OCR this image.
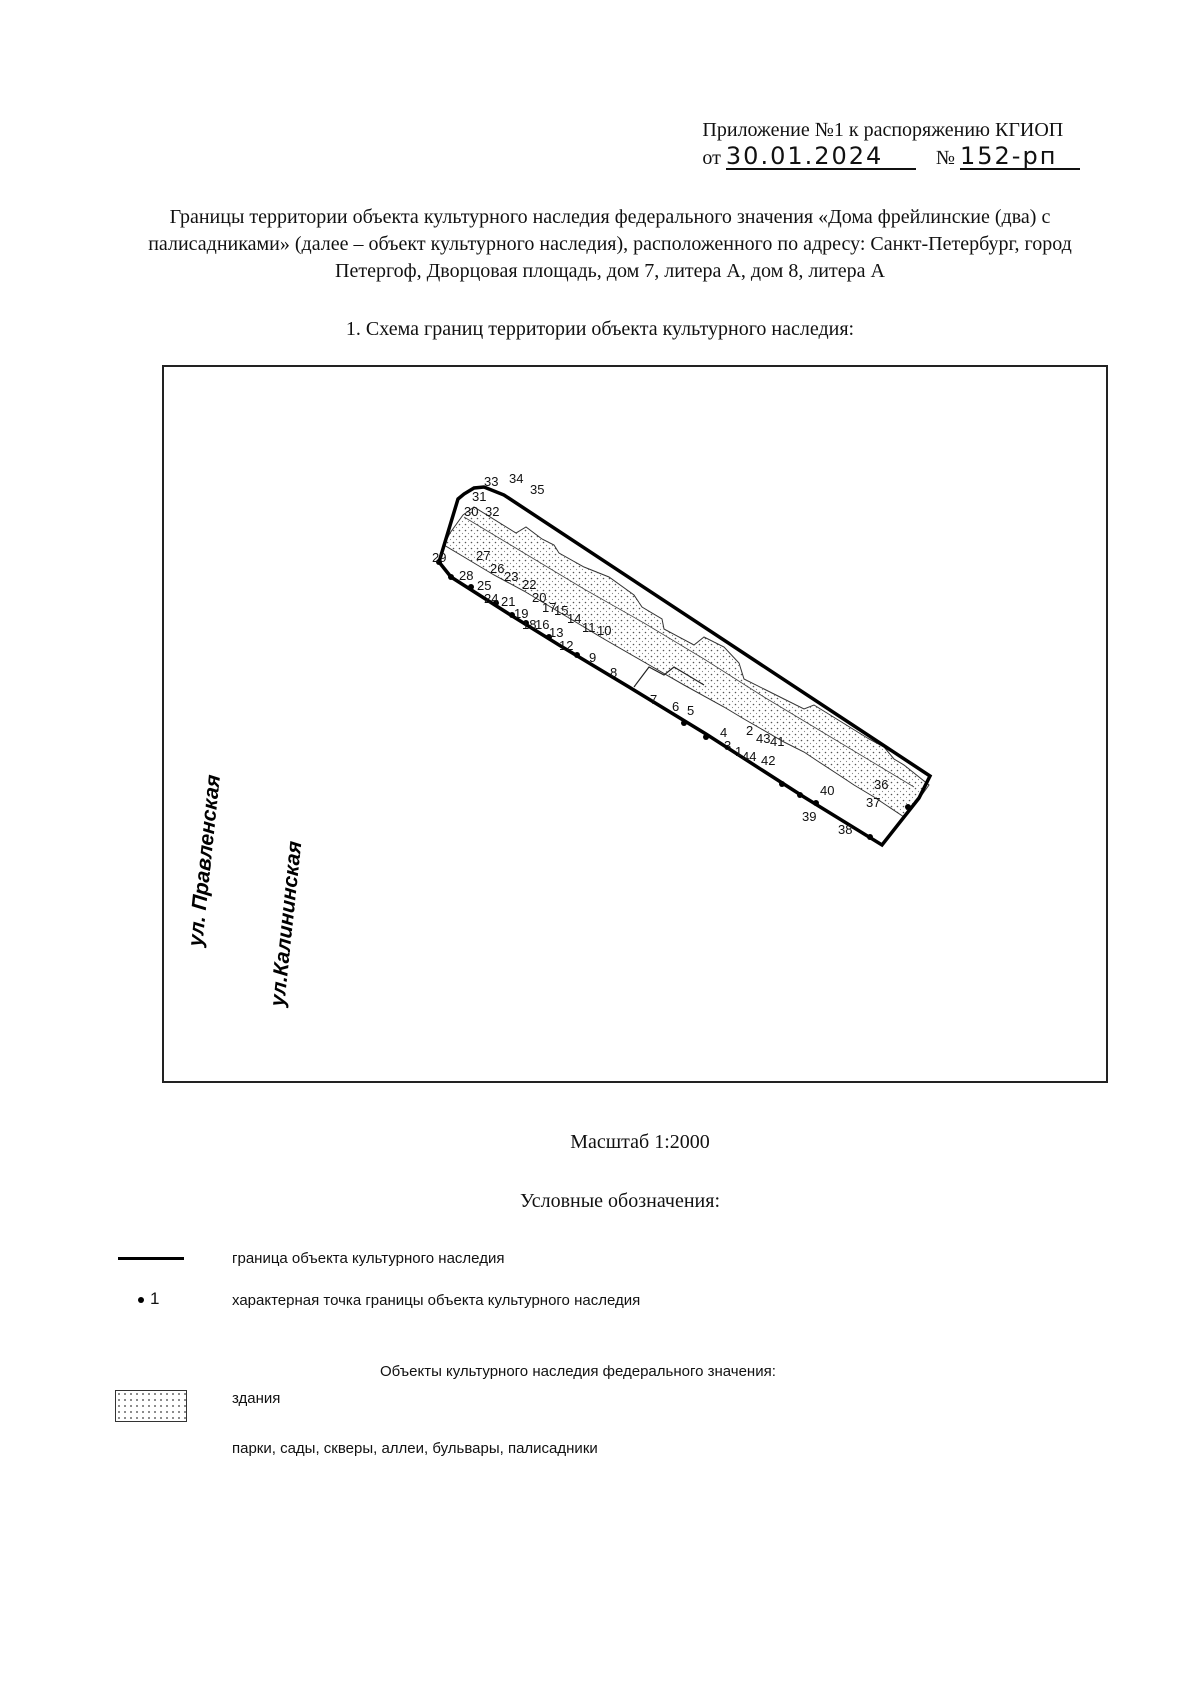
Приложение №1 к распоряжению КГИОП
от 30.01.2024	№ 152-рп
Границы территории объекта культурного наследия федерального значения «Дома фрейлинские (два) с палисадниками» (далее – объект культурного наследия), расположенного по адресу: Санкт-Петербург, город Петергоф, Дворцовая площадь, дом 7, литера А, дом 8, литера А
1. Схема границ территории объекта культурного наследия:
33 34
35
31
30 32
29 27
28 26
23
25 22
24 21 20
17
15
19	14
18
16	11 10
13
12
9
8
7 6 5
4 2
3 1
43 41
44 42
36
37
40
39
38
ул. Правленская ул.Калининская
Масштаб 1:2000
Условные обозначения:
граница объекта культурного наследия
1	характерная точка границы объекта культурного наследия
Объекты культурного наследия федерального значения:
здания
парки, сады, скверы, аллеи, бульвары, палисадники
